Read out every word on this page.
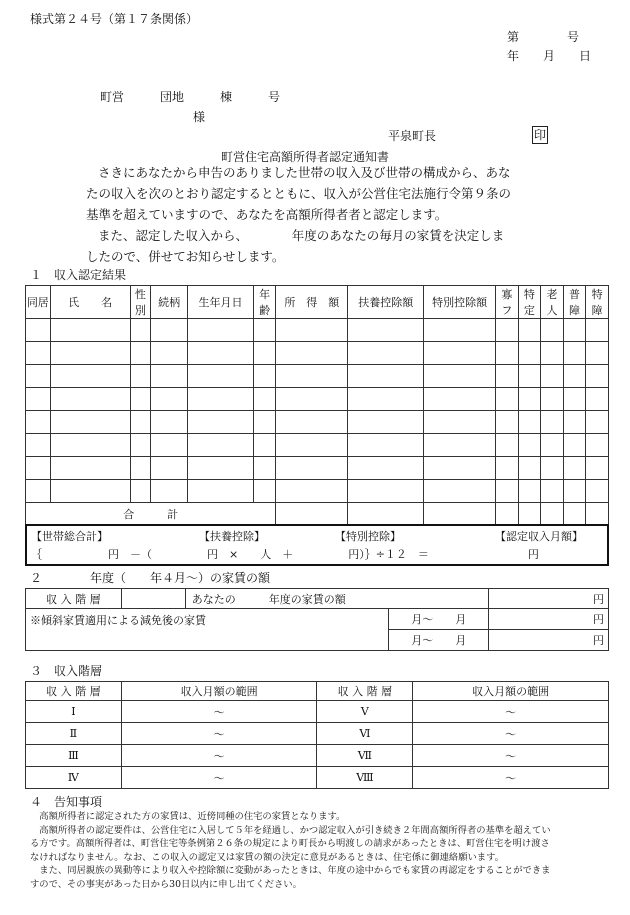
様式第２４号（第１７条関係）
第　　　　号
年　　月　　日
町営　　　団地　　　棟　　　号
様
平泉町長	印
町営住宅高額所得者認定通知書
さきにあなたから申告のありました世帯の収入及び世帯の構成から、あな
たの収入を次のとおり認定するとともに、収入が公営住宅法施行令第９条の
基準を超えていますので、あなたを高額所得者者と認定します。
また、認定した収入から、　　　　年度のあなたの毎月の家賃を決定しま
したので、併せてお知らせします。
１　収入認定結果
同居	氏　　名	性別	続柄	生年月日	年齢	所　得　額	扶養控除額	特別控除額	寡フ	特定	老人	普障	特障

合　　　計													
【世帯総合計】	【扶養控除】	【特別控除】	【認定収入月額】
｛　　　　　　円　－（　　　　　円　×　　人　＋　　　　　円）｝÷１２　＝　　　　　　　　　円
２　　　　年度（　　年４月～）の家賃の額
収 入 階 層		あなたの　　　年度の家賃の額		円
※傾斜家賃適用による減免後の家賃			月～　　月	円
			月～　　月	円
３　収入階層
収 入 階 層	収入月額の範囲	収 入 階 層	収入月額の範囲
Ⅰ	～	Ⅴ	～
Ⅱ	～	Ⅵ	～
Ⅲ	～	Ⅶ	～
Ⅳ	～	Ⅷ	～
４　告知事項
　高額所得者に認定された方の家賃は、近傍同種の住宅の家賃となります。
　高額所得者の認定要件は、公営住宅に入居して５年を経過し、かつ認定収入が引き続き２年間高額所得者の基準を超えてい
る方です。高額所得者は、町営住宅等条例第２６条の規定により町長から明渡しの請求があったときは、町営住宅を明け渡さ
なければなりません。なお、この収入の認定又は家賃の額の決定に意見があるときは、住宅係に御連絡願います。
　また、同居親族の異動等により収入や控除額に変動があったときは、年度の途中からでも家賃の再認定をすることができま
すので、その事実があった日から30日以内に申し出てください。
